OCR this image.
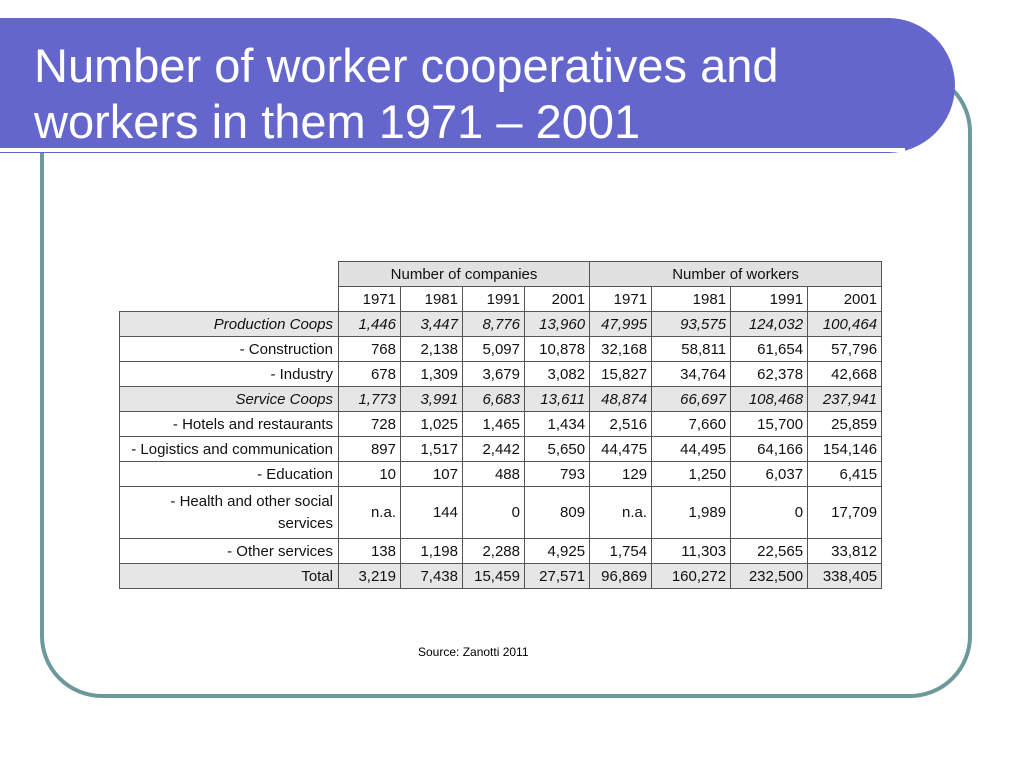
Number of worker cooperatives and
workers in them 1971 – 2001
	Number of companies				Number of workers			
	1971	1981	1991	2001	1971	1981	1991	2001
Production Coops	1,446	3,447	8,776	13,960	47,995	93,575	124,032	100,464
- Construction	768	2,138	5,097	10,878	32,168	58,811	61,654	57,796
- Industry	678	1,309	3,679	3,082	15,827	34,764	62,378	42,668
Service Coops	1,773	3,991	6,683	13,611	48,874	66,697	108,468	237,941
- Hotels and restaurants	728	1,025	1,465	1,434	2,516	7,660	15,700	25,859
- Logistics and communication	897	1,517	2,442	5,650	44,475	44,495	64,166	154,146
- Education	10	107	488	793	129	1,250	6,037	6,415
- Health and other social services	n.a.	144	0	809	n.a.	1,989	0	17,709
- Other services	138	1,198	2,288	4,925	1,754	11,303	22,565	33,812
Total	3,219	7,438	15,459	27,571	96,869	160,272	232,500	338,405
Source: Zanotti 2011
